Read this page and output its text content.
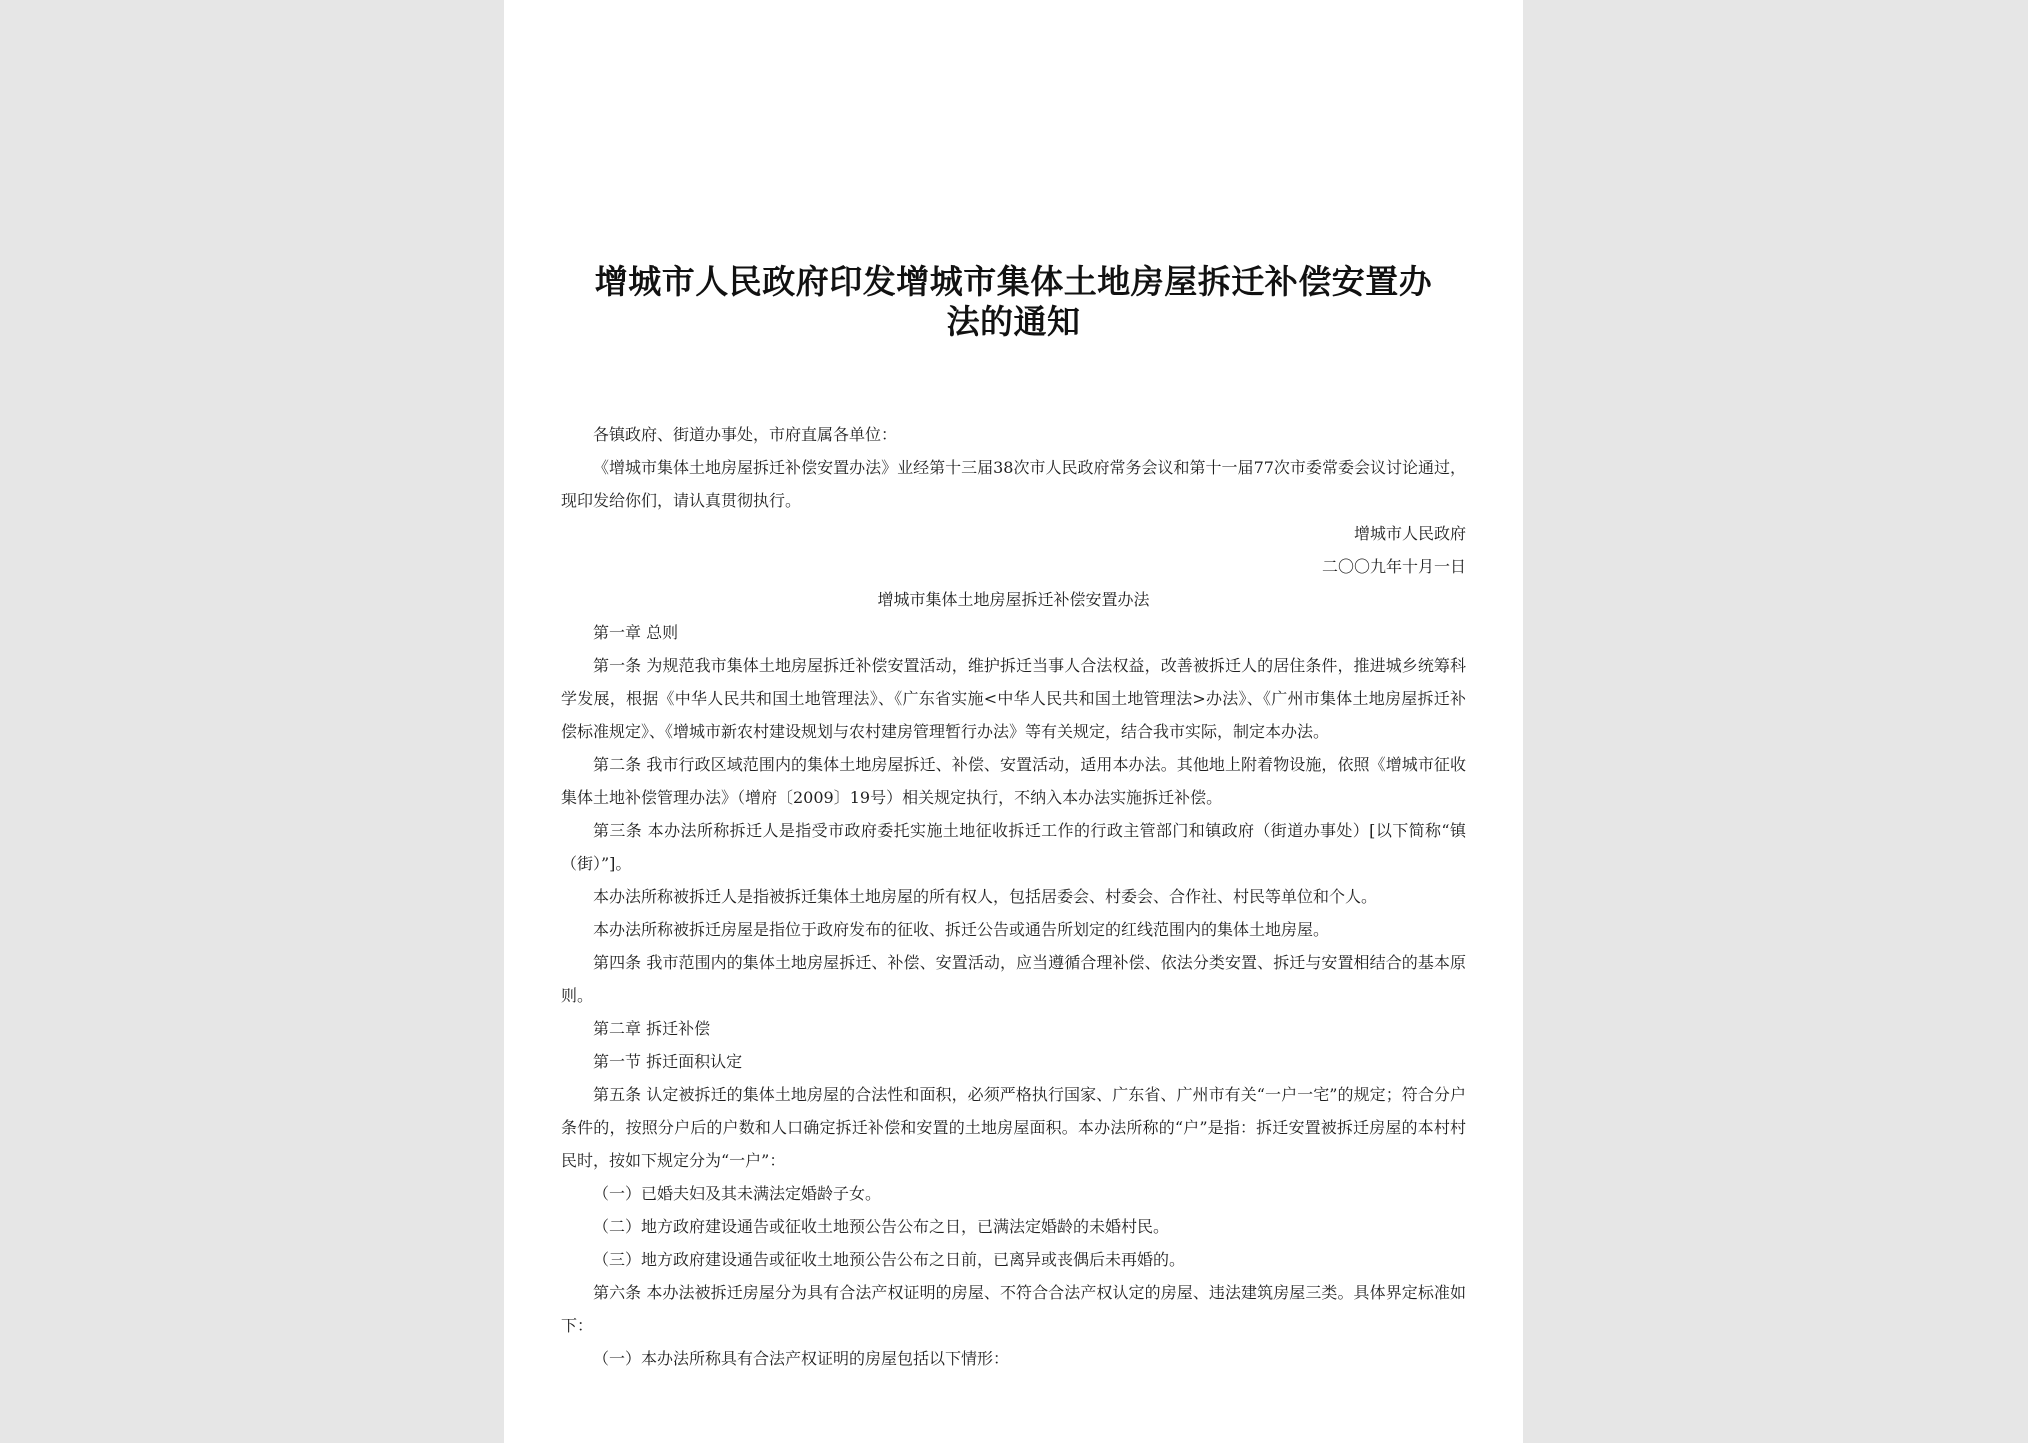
增城市人民政府印发增城市集体土地房屋拆迁补偿安置办法的通知

各镇政府、街道办事处，市府直属各单位：

《增城市集体土地房屋拆迁补偿安置办法》业经第十三届38次市人民政府常务会议和第十一届77次市委常委会议讨论通过，现印发给你们，请认真贯彻执行。

增城市人民政府

二〇〇九年十月一日

增城市集体土地房屋拆迁补偿安置办法

第一章 总则

第一条 为规范我市集体土地房屋拆迁补偿安置活动，维护拆迁当事人合法权益，改善被拆迁人的居住条件，推进城乡统筹科学发展，根据《中华人民共和国土地管理法》、《广东省实施<中华人民共和国土地管理法>办法》、《广州市集体土地房屋拆迁补偿标准规定》、《增城市新农村建设规划与农村建房管理暂行办法》等有关规定，结合我市实际，制定本办法。

第二条 我市行政区域范围内的集体土地房屋拆迁、补偿、安置活动，适用本办法。其他地上附着物设施，依照《增城市征收集体土地补偿管理办法》（增府〔2009〕19号）相关规定执行，不纳入本办法实施拆迁补偿。

第三条 本办法所称拆迁人是指受市政府委托实施土地征收拆迁工作的行政主管部门和镇政府（街道办事处）[以下简称“镇（街）”]。

本办法所称被拆迁人是指被拆迁集体土地房屋的所有权人，包括居委会、村委会、合作社、村民等单位和个人。

本办法所称被拆迁房屋是指位于政府发布的征收、拆迁公告或通告所划定的红线范围内的集体土地房屋。

第四条 我市范围内的集体土地房屋拆迁、补偿、安置活动，应当遵循合理补偿、依法分类安置、拆迁与安置相结合的基本原则。

第二章 拆迁补偿

第一节 拆迁面积认定

第五条 认定被拆迁的集体土地房屋的合法性和面积，必须严格执行国家、广东省、广州市有关“一户一宅”的规定；符合分户条件的，按照分户后的户数和人口确定拆迁补偿和安置的土地房屋面积。本办法所称的“户”是指：拆迁安置被拆迁房屋的本村村民时，按如下规定分为“一户”：

（一）已婚夫妇及其未满法定婚龄子女。

（二）地方政府建设通告或征收土地预公告公布之日，已满法定婚龄的未婚村民。

（三）地方政府建设通告或征收土地预公告公布之日前，已离异或丧偶后未再婚的。

第六条 本办法被拆迁房屋分为具有合法产权证明的房屋、不符合合法产权认定的房屋、违法建筑房屋三类。具体界定标准如下：

（一）本办法所称具有合法产权证明的房屋包括以下情形：
